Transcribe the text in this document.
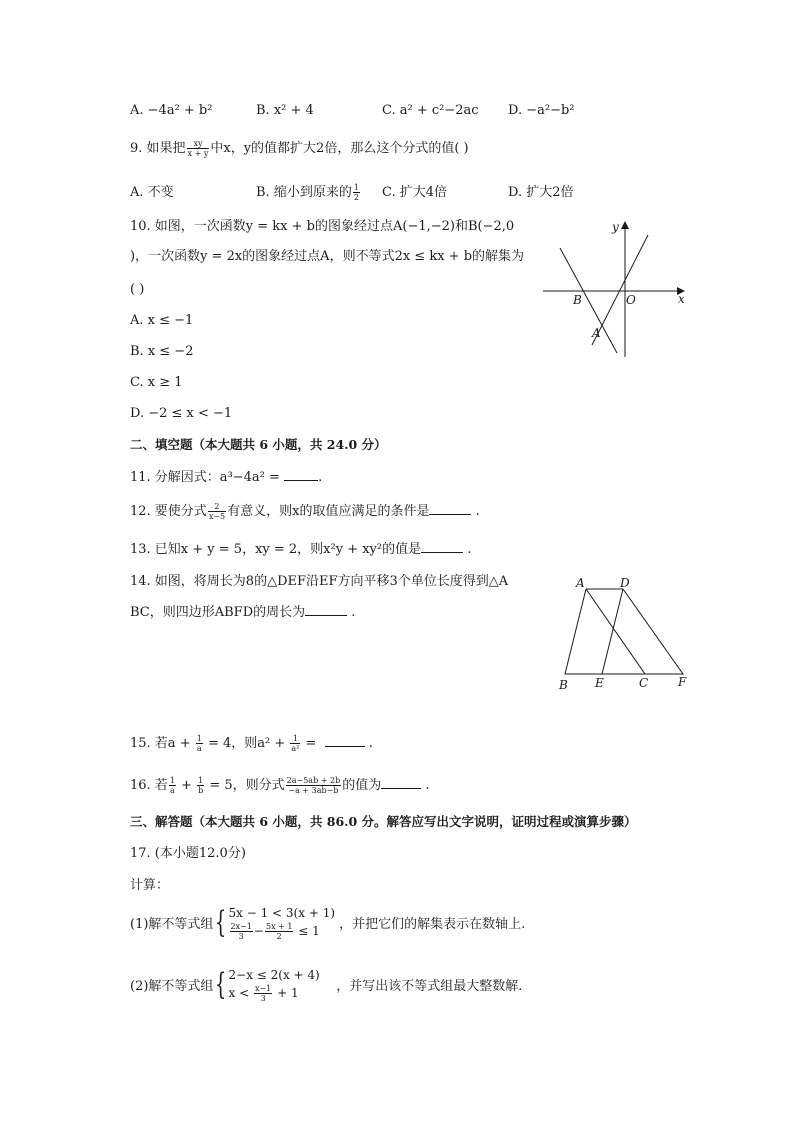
A. −4a² + b²	B. x² + 4	C. a² + c²−2ac D. −a²−b²
9. 如果把 $\frac{xy}{x + y}$ 中x，y的值都扩大2倍，那么这个分式的值( )
A. 不变	B. 缩小到原来的 $\frac{1}{2} C$. 扩大4倍	D. 扩大2倍
10. 如图，一次函数y = kx + b的图象经过点A(−1,−2)和B(−2,0
)，一次函数y = 2x的图象经过点A，则不等式2x ≤ kx + b的解集为
( )
A. x ≤ −1
B. x ≤ −2
C. x ≥ 1
D. −2 ≤ x < −1
y
x
O
B
A
二、填空题（本大题共 6 小题，共 24.0 分）
11. 分解因式：a³−4a² =	.
12. 要使分式 $\frac{2}{x-5}$ 有意义，则x的取值应满足的条件是	.
13. 已知x + y = 5，xy = 2，则x²y + xy²的值是	.
14. 如图，将周长为8的△DEF沿EF方向平移3个单位长度得到△A
BC，则四边形ABFD的周长为	.
A	D
B E	C F
15. 若$a + \frac{1}{a} = 4$，则$a^2 + \frac{1}{\text{a²}}$ =	.
16. 若 $\frac{1}{a} + \frac{1}{b} = 5$，则分式 $\frac{2a-5ab + 2b}{-a + 3ab-b}$ 的值为	.
三、解答题（本大题共 6 小题，共 86.0 分。解答应写出文字说明，证明过程或演算步骤）
17. (本小题12.0分)
计算：
(1)解不等式组{ 5x − 1 < 3(x + 1)
$\frac{2x-1}{3} - \frac{5x + 1}{2} \le 1$	，并把它们的解集表示在数轴上.
(2)解不等式组{ 2−x ≤ 2(x + 4)
$x < \frac{x-1}{3} + 1$	，并写出该不等式组最大整数解.
